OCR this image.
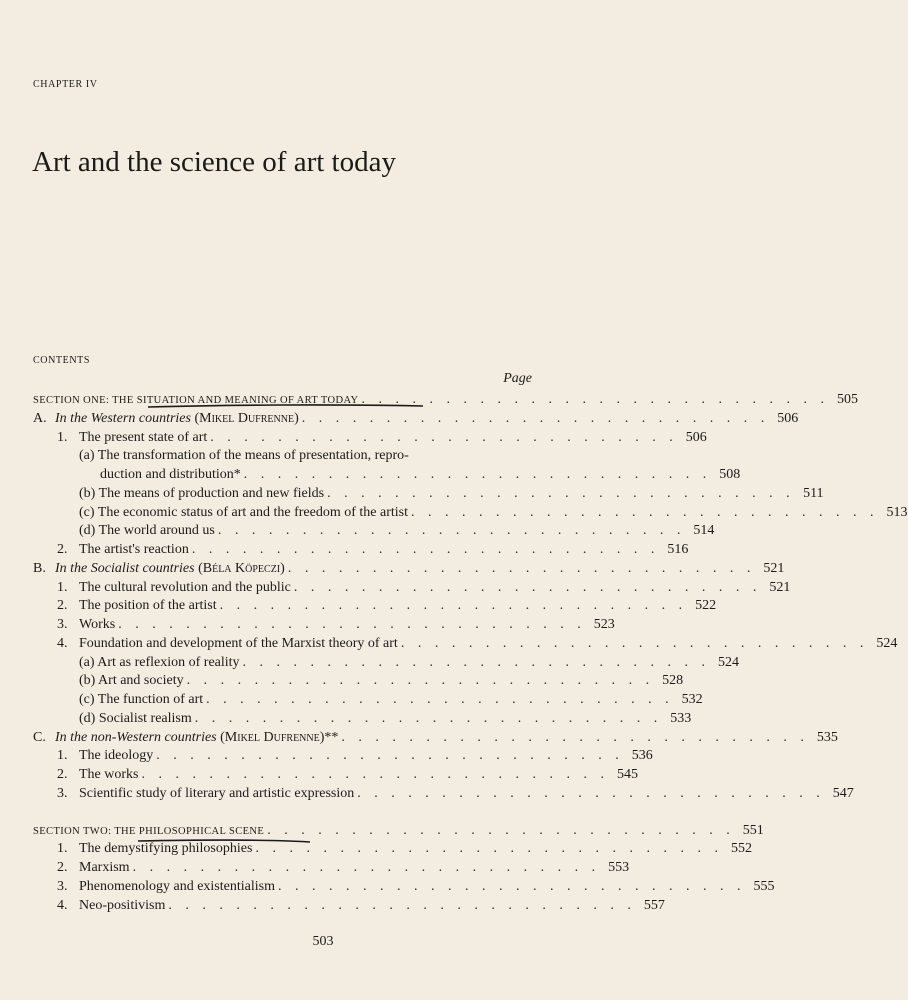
CHAPTER IV
Art and the science of art today
CONTENTS
Page
SECTION ONE: THE SITUATION AND MEANING OF ART TODAY . . . . . . . . . . . . . . . . . . . . . . . . . . . . 505
A. In the Western countries (Mikel Dufrenne) . . . . . . . . . . . . . . . . . . . . . . . . . . . . 506
1. The present state of art . . . . . . . . . . . . . . . . . . . . . . . . . . . . 506
(a) The transformation of the means of presentation, repro-
duction and distribution* . . . . . . . . . . . . . . . . . . . . . . . . . . . . 508
(b) The means of production and new fields . . . . . . . . . . . . . . . . . . . . . . . . . . . . 511
(c) The economic status of art and the freedom of the artist . . . . . . . . . . . . . . . . . . . . . . . . . . . . 513
(d) The world around us . . . . . . . . . . . . . . . . . . . . . . . . . . . . 514
2. The artist's reaction . . . . . . . . . . . . . . . . . . . . . . . . . . . . 516
B. In the Socialist countries (Béla Köpeczi) . . . . . . . . . . . . . . . . . . . . . . . . . . . . 521
1. The cultural revolution and the public . . . . . . . . . . . . . . . . . . . . . . . . . . . . 521
2. The position of the artist . . . . . . . . . . . . . . . . . . . . . . . . . . . . 522
3. Works . . . . . . . . . . . . . . . . . . . . . . . . . . . . 523
4. Foundation and development of the Marxist theory of art . . . . . . . . . . . . . . . . . . . . . . . . . . . . 524
(a) Art as reflexion of reality . . . . . . . . . . . . . . . . . . . . . . . . . . . . 524
(b) Art and society . . . . . . . . . . . . . . . . . . . . . . . . . . . . 528
(c) The function of art . . . . . . . . . . . . . . . . . . . . . . . . . . . . 532
(d) Socialist realism . . . . . . . . . . . . . . . . . . . . . . . . . . . . 533
C. In the non-Western countries (Mikel Dufrenne)** . . . . . . . . . . . . . . . . . . . . . . . . . . . . 535
1. The ideology . . . . . . . . . . . . . . . . . . . . . . . . . . . . 536
2. The works . . . . . . . . . . . . . . . . . . . . . . . . . . . . 545
3. Scientific study of literary and artistic expression . . . . . . . . . . . . . . . . . . . . . . . . . . . . 547
SECTION TWO: THE PHILOSOPHICAL SCENE . . . . . . . . . . . . . . . . . . . . . . . . . . . . 551
1. The demystifying philosophies . . . . . . . . . . . . . . . . . . . . . . . . . . . . 552
2. Marxism . . . . . . . . . . . . . . . . . . . . . . . . . . . . 553
3. Phenomenology and existentialism . . . . . . . . . . . . . . . . . . . . . . . . . . . . 555
4. Neo-positivism . . . . . . . . . . . . . . . . . . . . . . . . . . . . 557
503
